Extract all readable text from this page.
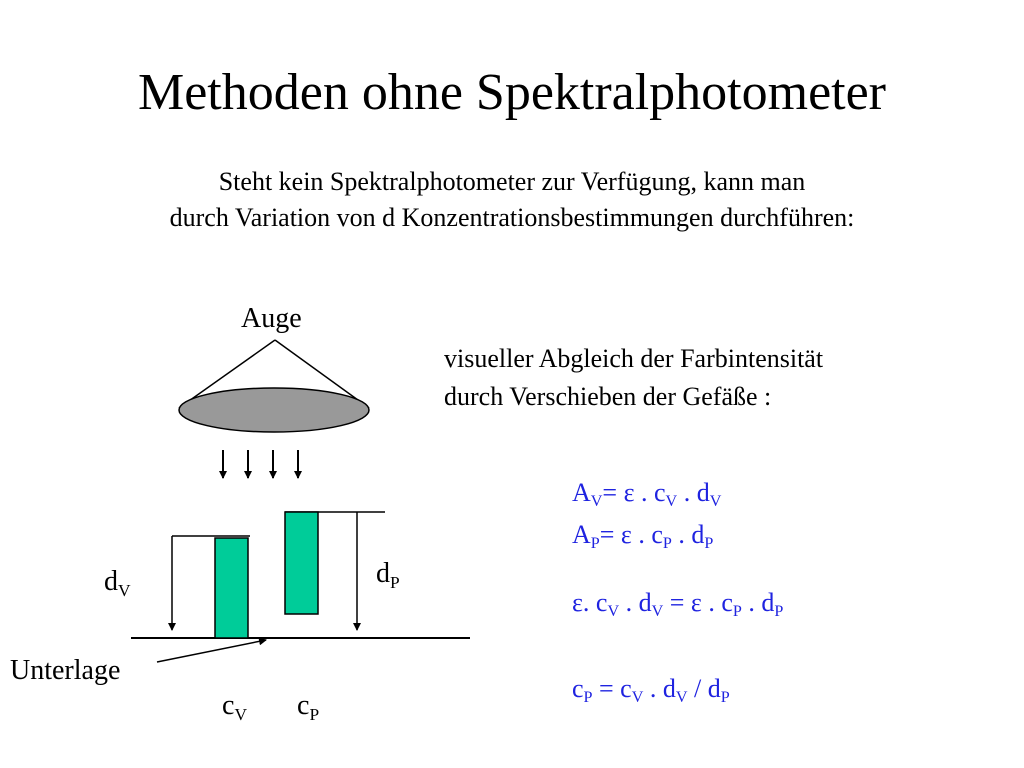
Methoden ohne Spektralphotometer
Steht kein Spektralphotometer zur Verfügung, kann man
durch Variation von d Konzentrationsbestimmungen durchführen:
Auge
$d_V$
$d_P$
Unterlage
$c_V$ $c_P$
visueller Abgleich der Farbintensität
durch Verschieben der Gefäße :
$A_V= \varepsilon$ . $c_V$ . $d_V$
$A_P= \varepsilon$ . $c_P$ . $d_P$
ε. $c_V$ . $d_V = \varepsilon$ . $c_P$ . $d_P$
$c_P = c_V$ . $d_V / d_P$
